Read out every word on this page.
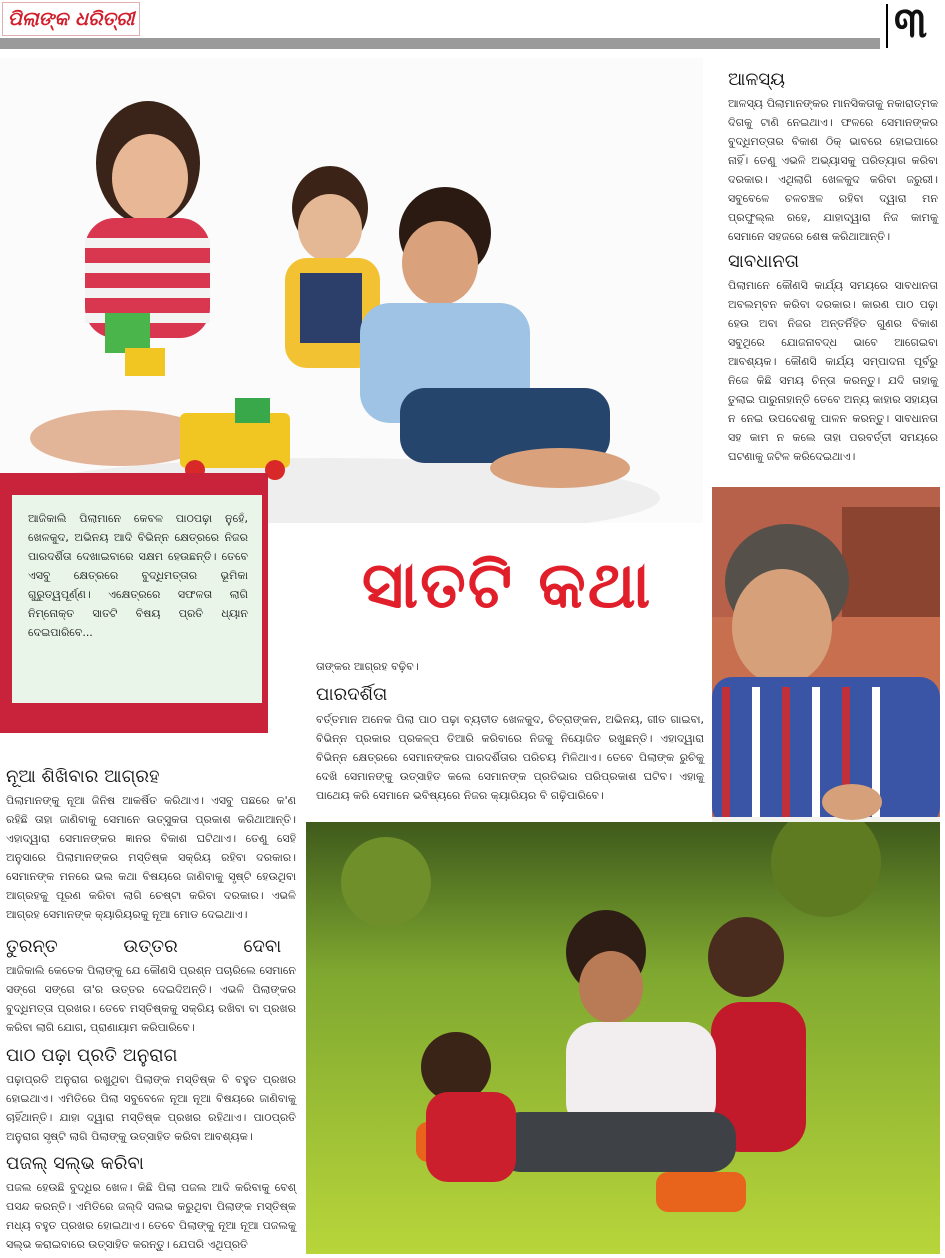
ପିଲାଙ୍କ ଧରିତ୍ରୀ	୩

ଆଜିକାଲି ପିଲାମାନେ କେବଳ ପାଠପଢ଼ା ନୁହେଁ, ଖେଳକୁଦ, ଅଭିନୟ ଆଦି ବିଭିନ୍ନ କ୍ଷେତ୍ରରେ ନିଜର ପାରଦର୍ଶିତା ଦେଖାଇବାରେ ସକ୍ଷମ ହେଉଛନ୍ତି। ତେବେ ଏସବୁ କ୍ଷେତ୍ରରେ ବୁଦ୍ଧିମତ୍ତାର ଭୂମିକା ଗୁରୁତ୍ୱପୂର୍ଣ୍ଣ। ଏକ୍ଷେତ୍ରରେ ସଫଳତା ଲାଗି ନିମ୍ନୋକ୍ତ ସାତଟି ବିଷୟ ପ୍ରତି ଧ୍ୟାନ ଦେଇପାରିବେ...

ସାତଟି କଥା
ଆଳସ୍ୟ
ଆଳସ୍ୟ ପିଲାମାନଙ୍କର ମାନସିକତାକୁ ନକାରାତ୍ମକ ଦିଗକୁ ଟାଣି ନେଇଥାଏ। ଫଳରେ ସେମାନଙ୍କର ବୁଦ୍ଧିମତ୍ତାର ବିକାଶ ଠିକ୍ ଭାବରେ ହୋଇପାରେ ନାହିଁ। ତେଣୁ ଏଭଳି ଅଭ୍ୟାସକୁ ପରିତ୍ୟାଗ କରିବା ଦରକାର। ଏଥିଲାଗି ଖେଳକୁଦ କରିବା ଜରୁରୀ। ସବୁବେଳେ ଚଳଚଞ୍ଚଳ ରହିବା ଦ୍ୱାରା ମନ ପ୍ରଫୁଲ୍ଲ ରହେ, ଯାହାଦ୍ୱାରା ନିଜ କାମକୁ ସେମାନେ ସହଜରେ ଶେଷ କରିଥାଆନ୍ତି।
ସାବଧାନତା
ପିଲାମାନେ କୌଣସି କାର୍ଯ୍ୟ ସମୟରେ ସାବଧାନତା ଅବଲମ୍ବନ କରିବା ଦରକାର। କାରଣ ପାଠ ପଢ଼ା ହେଉ ଅବା ନିଜର ଅନ୍ତର୍ନିହିତ ଗୁଣର ବିକାଶ ସବୁଥିରେ ଯୋଜନାବଦ୍ଧ ଭାବେ ଆଗେଇବା ଆବଶ୍ୟକ। କୌଣସି କାର୍ଯ୍ୟ ସମ୍ପାଦନା ପୂର୍ବରୁ ନିଜେ କିଛି ସମୟ ଚିନ୍ତା କରନ୍ତୁ। ଯଦି ତାହାକୁ ତୁଲାଇ ପାରୁନାହାନ୍ତି ତେବେ ଅନ୍ୟ କାହାର ସହାୟତା ନ ନେଇ ଉପଦେଶକୁ ପାଳନ କରନ୍ତୁ। ସାବଧାନତା ସହ କାମ ନ କଲେ ତାହା ପରବର୍ତ୍ତୀ ସମୟରେ ଘଟଣାକୁ ଜଟିଳ କରିଦେଇଥାଏ।
ତାଙ୍କର ଆଗ୍ରହ ବଢ଼ିବ।
ପାରଦର୍ଶିତା
ବର୍ତ୍ତମାନ ଅନେକ ପିଲା ପାଠ ପଢ଼ା ବ୍ୟତୀତ ଖେଳକୁଦ, ଚିତ୍ରାଙ୍କନ, ଅଭିନୟ, ଗୀତ ଗାଇବା, ବିଭିନ୍ନ ପ୍ରକାର ପ୍ରକଳ୍ପ ତିଆରି କରିବାରେ ନିଜକୁ ନିୟୋଜିତ ରଖୁଛନ୍ତି। ଏହାଦ୍ୱାରା ବିଭିନ୍ନ କ୍ଷେତ୍ରରେ ସେମାନଙ୍କର ପାରଦର୍ଶିତାର ପରିଚୟ ମିଳିଥାଏ। ତେବେ ପିଲାଙ୍କ ରୁଚିକୁ ଦେଖି ସେମାନଙ୍କୁ ଉତ୍ସାହିତ କଲେ ସେମାନଙ୍କ ପ୍ରତିଭାର ପରିପ୍ରକାଶ ଘଟିବ। ଏହାକୁ ପାଥେୟ କରି ସେମାନେ ଭବିଷ୍ୟରେ ନିଜର କ୍ୟାରିୟର ବି ଗଢ଼ିପାରିବେ।
ନୂଆ ଶିଖିବାର ଆଗ୍ରହ
ପିଲାମାନଙ୍କୁ ନୂଆ ଜିନିଷ ଆକର୍ଷିତ କରିଥାଏ। ଏସବୁ ପଛରେ କ'ଣ ରହିଛି ତାହା ଜାଣିବାକୁ ସେମାନେ ଉତ୍ସୁକତା ପ୍ରକାଶ କରିଥାଆନ୍ତି। ଏହାଦ୍ୱାରା ସେମାନଙ୍କର ଜ୍ଞାନର ବିକାଶ ଘଟିଥାଏ। ତେଣୁ ସେହି ଅନୁସାରେ ପିଲାମାନଙ୍କର ମସ୍ତିଷ୍କ ସକ୍ରିୟ ରହିବା ଦରକାର। ସେମାନଙ୍କ ମନରେ ଭଲ କଥା ବିଷୟରେ ଜାଣିବାକୁ ସୃଷ୍ଟି ହେଉଥିବା ଆଗ୍ରହକୁ ପୂରଣ କରିବା ଲାଗି ଚେଷ୍ଟା କରିବା ଦରକାର। ଏଭଳି ଆଗ୍ରହ ସେମାନଙ୍କ କ୍ୟାରିୟରକୁ ନୂଆ ମୋଡ ଦେଇଥାଏ।
ତୁରନ୍ତ ଉତ୍ତର ଦେବା
ଆଜିକାଲି କେତେକ ପିଲାଙ୍କୁ ଯେ କୌଣସି ପ୍ରଶ୍ନ ପଚାରିଲେ ସେମାନେ ସଙ୍ଗେ ସଙ୍ଗେ ତା'ର ଉତ୍ତର ଦେଇଦିଅନ୍ତି। ଏଭଳି ପିଲାଙ୍କର ବୁଦ୍ଧିମତ୍ତା ପ୍ରଖର। ତେବେ ମସ୍ତିଷ୍କକୁ ସକ୍ରିୟ ରଖିବା ବା ପ୍ରଖର କରିବା ଲାଗି ଯୋଗ, ପ୍ରାଣାୟାମ କରିପାରିବେ।
ପାଠ ପଢ଼ା ପ୍ରତି ଅନୁରାଗ
ପଢ଼ାପ୍ରତି ଅନୁରାଗ ରଖୁଥିବା ପିଲାଙ୍କ ମସ୍ତିଷ୍କ ବି ବହୁତ ପ୍ରଖର ହୋଇଥାଏ। ଏମିତିରେ ପିଲା ସବୁବେଳେ ନୂଆ ନୂଆ ବିଷୟରେ ଜାଣିବାକୁ ଚାହିଁଥାନ୍ତି। ଯାହା ଦ୍ୱାରା ମସ୍ତିଷ୍କ ପ୍ରଖର ରହିଥାଏ। ପାଠପ୍ରତି ଅନୁରାଗ ସୃଷ୍ଟି ଲାଗି ପିଲାଙ୍କୁ ଉତ୍ସାହିତ କରିବା ଆବଶ୍ୟକ।
ପଜଲ୍ ସଲ୍‌ଭ କରିବା
ପଜଲ ହେଉଛି ବୁଦ୍ଧିର ଖେଳ। କିଛି ପିଲା ପଜଲ ଆଦି କରିବାକୁ ବେଶ୍ ପସନ୍ଦ କରନ୍ତି। ଏମିତିରେ ଜଲ୍‌ଦି ସଲଭ କରୁଥିବା ପିଲାଙ୍କ ମସ୍ତିଷ୍କ ମଧ୍ୟ ବହୁତ ପ୍ରଖର ହୋଇଥାଏ। ତେବେ ପିଲାଙ୍କୁ ନୂଆ ନୂଆ ପଜଲକୁ ସଲ୍‌ଭ କରାଇବାରେ ଉତ୍ସାହିତ କରନ୍ତୁ। ଯେପରି ଏଥିପ୍ରତି
